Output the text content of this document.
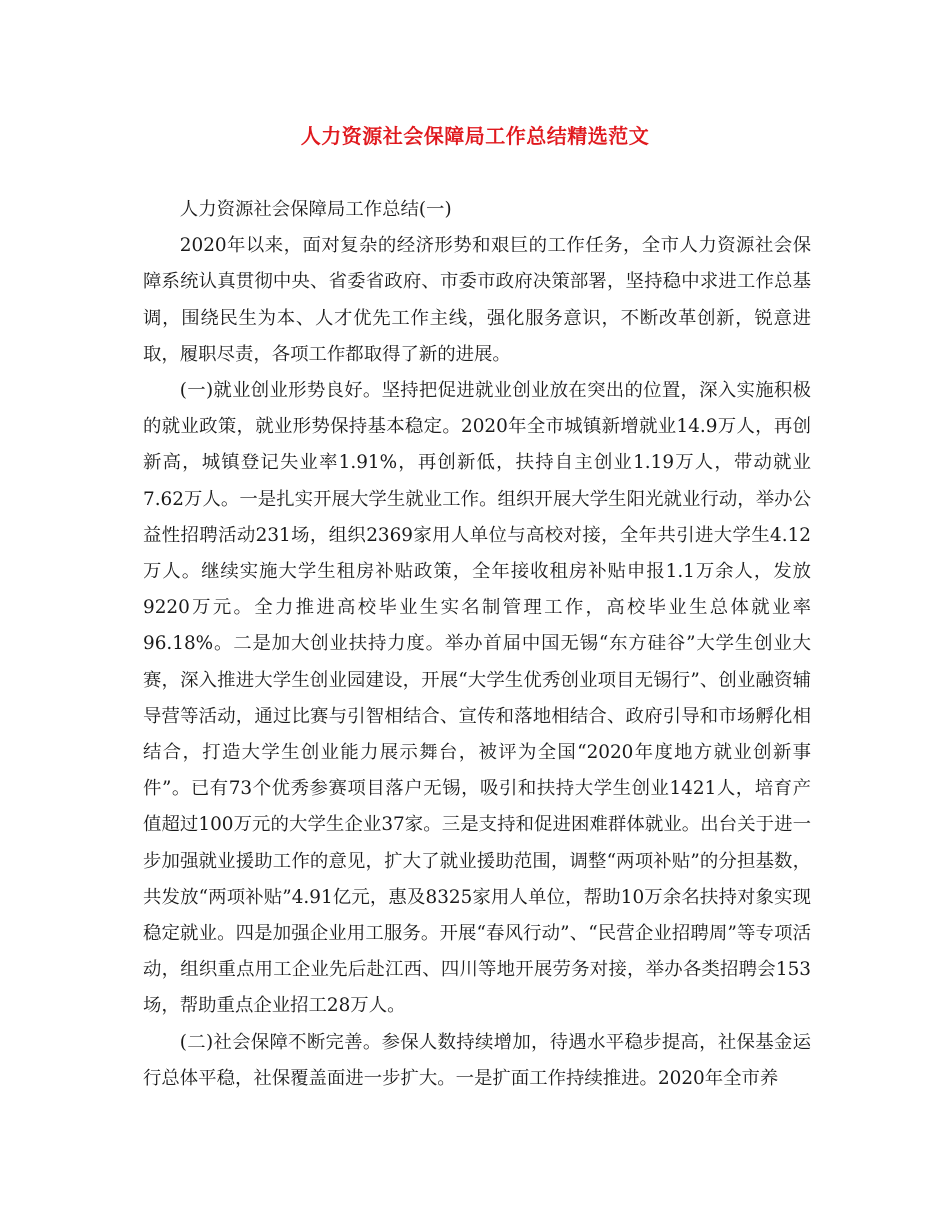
人力资源社会保障局工作总结精选范文

人力资源社会保障局工作总结(一)

2020年以来，面对复杂的经济形势和艰巨的工作任务，全市人力资源社会保障系统认真贯彻中央、省委省政府、市委市政府决策部署，坚持稳中求进工作总基调，围绕民生为本、人才优先工作主线，强化服务意识，不断改革创新，锐意进取，履职尽责，各项工作都取得了新的进展。

(一)就业创业形势良好。坚持把促进就业创业放在突出的位置，深入实施积极的就业政策，就业形势保持基本稳定。2020年全市城镇新增就业14.9万人，再创新高，城镇登记失业率1.91%，再创新低，扶持自主创业1.19万人，带动就业7.62万人。一是扎实开展大学生就业工作。组织开展大学生阳光就业行动，举办公益性招聘活动231场，组织2369家用人单位与高校对接，全年共引进大学生4.12万人。继续实施大学生租房补贴政策，全年接收租房补贴申报1.1万余人，发放9220万元。全力推进高校毕业生实名制管理工作，高校毕业生总体就业率96.18%。二是加大创业扶持力度。举办首届中国无锡“东方硅谷”大学生创业大赛，深入推进大学生创业园建设，开展“大学生优秀创业项目无锡行”、创业融资辅导营等活动，通过比赛与引智相结合、宣传和落地相结合、政府引导和市场孵化相结合，打造大学生创业能力展示舞台，被评为全国“2020年度地方就业创新事件”。已有73个优秀参赛项目落户无锡，吸引和扶持大学生创业1421人，培育产值超过100万元的大学生企业37家。三是支持和促进困难群体就业。出台关于进一步加强就业援助工作的意见，扩大了就业援助范围，调整“两项补贴”的分担基数，共发放“两项补贴”4.91亿元，惠及8325家用人单位，帮助10万余名扶持对象实现稳定就业。四是加强企业用工服务。开展“春风行动”、“民营企业招聘周”等专项活动，组织重点用工企业先后赴江西、四川等地开展劳务对接，举办各类招聘会153场，帮助重点企业招工28万人。

(二)社会保障不断完善。参保人数持续增加，待遇水平稳步提高，社保基金运行总体平稳，社保覆盖面进一步扩大。一是扩面工作持续推进。2020年全市养
